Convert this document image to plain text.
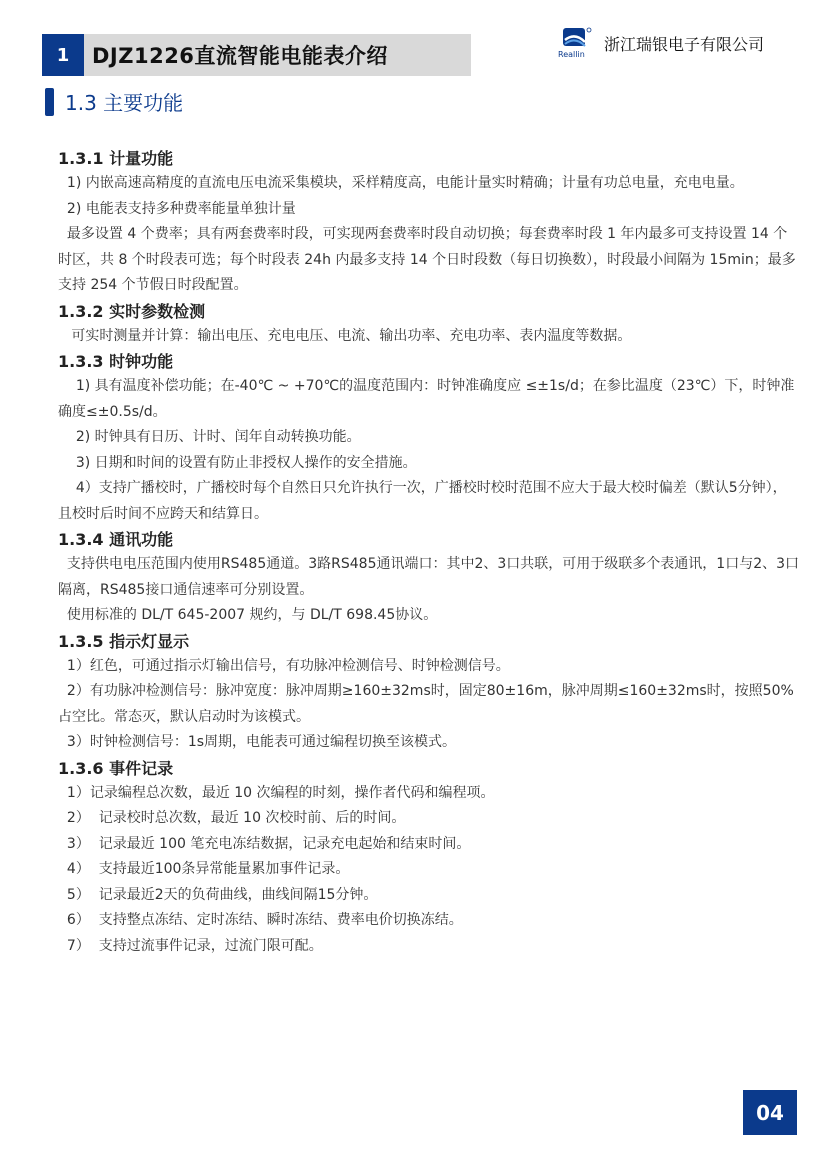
1	DJZ1226直流智能电能表介绍	Reallin
浙江瑞银电子有限公司
1.3 主要功能
1.3.1 计量功能

1) 内嵌高速高精度的直流电压电流采集模块，采样精度高，电能计量实时精确；计量有功总电量，充电电量。

2) 电能表支持多种费率能量单独计量

最多设置 4 个费率；具有两套费率时段，可实现两套费率时段自动切换；每套费率时段 1 年内最多可支持设置 14 个时区，共 8 个时段表可选；每个时段表 24h 内最多支持 14 个日时段数（每日切换数），时段最小间隔为 15min；最多支持 254 个节假日时段配置。

1.3.2 实时参数检测

可实时测量并计算：输出电压、充电电压、电流、输出功率、充电功率、表内温度等数据。

1.3.3 时钟功能

1) 具有温度补偿功能；在-40℃ ~ +70℃的温度范围内：时钟准确度应 ≤±1s/d；在参比温度（23℃）下，时钟准确度≤±0.5s/d。

2) 时钟具有日历、计时、闰年自动转换功能。

3) 日期和时间的设置有防止非授权人操作的安全措施。

4）支持广播校时，广播校时每个自然日只允许执行一次，广播校时校时范围不应大于最大校时偏差（默认5分钟），且校时后时间不应跨天和结算日。

1.3.4 通讯功能

支持供电电压范围内使用RS485通道。3路RS485通讯端口：其中2、3口共联，可用于级联多个表通讯，1口与2、3口隔离，RS485接口通信速率可分别设置。

使用标准的 DL/T 645-2007 规约，与 DL/T 698.45协议。

1.3.5 指示灯显示

1）红色，可通过指示灯输出信号，有功脉冲检测信号、时钟检测信号。

2）有功脉冲检测信号：脉冲宽度：脉冲周期≥160±32ms时，固定80±16m，脉冲周期≤160±32ms时，按照50%占空比。常态灭，默认启动时为该模式。

3）时钟检测信号：1s周期，电能表可通过编程切换至该模式。

1.3.6 事件记录

1）记录编程总次数，最近 10 次编程的时刻，操作者代码和编程项。

2）  记录校时总次数，最近 10 次校时前、后的时间。

3）  记录最近 100 笔充电冻结数据，记录充电起始和结束时间。

4）  支持最近100条异常能量累加事件记录。

5）  记录最近2天的负荷曲线，曲线间隔15分钟。

6）  支持整点冻结、定时冻结、瞬时冻结、费率电价切换冻结。

7）  支持过流事件记录，过流门限可配。

04
